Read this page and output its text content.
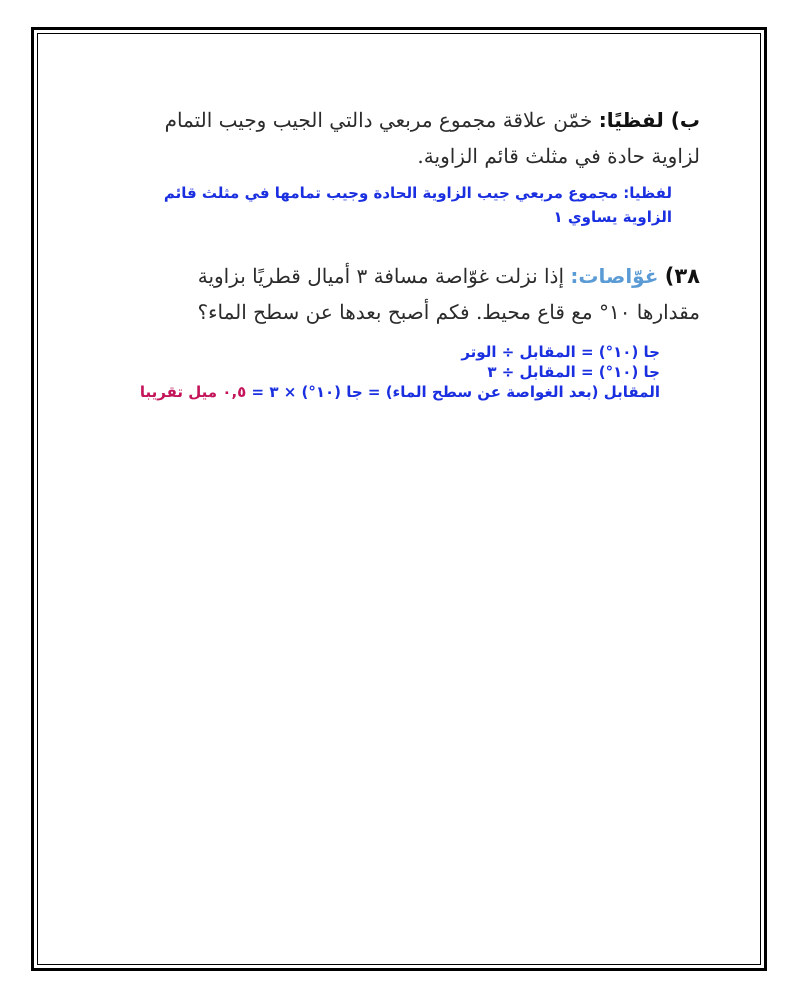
ب) لفظيًا: خمّن علاقة مجموع مربعي دالتي الجيب وجيب التمام لزاوية حادة في مثلث قائم الزاوية.

لفظيا: مجموع مربعي جيب الزاوية الحادة وجيب تمامها في مثلث قائم الزاوية يساوي ١

٣٨) غوّاصات: إذا نزلت غوّاصة مسافة ٣ أميال قطريًا بزاوية مقدارها ١٠° مع قاع محيط. فكم أصبح بعدها عن سطح الماء؟

جا (١٠°) = المقابل ÷ الوتر
جا (١٠°) = المقابل ÷ ٣
المقابل (بعد الغواصة عن سطح الماء) = جا (١٠°) × ٣ = ٠,٥ ميل تقريبا
